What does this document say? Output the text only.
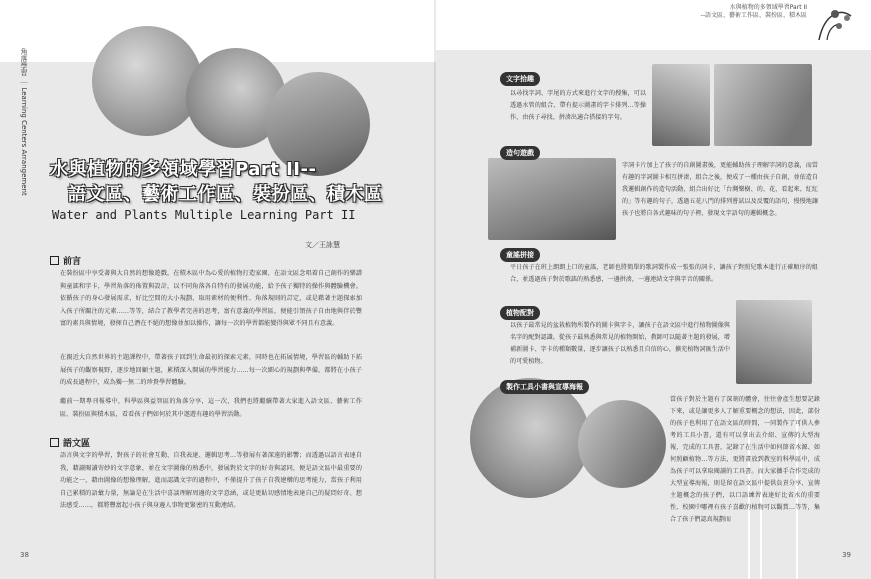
角落學習 ｜ Learning Centers Arrangement 水與植物的多領域學習Part II--
語文區、藝術工作區、裝扮區、積木區
Water and Plants Multiple Learning Part II
文／王詠慧
前言
在裝扮區中享受著與大自然的想像遊戲，在積木區中為心愛的植物打造家園，在語文區念唱着自己創作的樂譜與童謠和字卡，學習角落的佈置與設計，以不同角落各自特有的發展功能，給予孩子獨特的操作與體驗機會。依循孩子的身心發展需求，好比空間的大小規劃、取用素材的便利性、角落規則的訂定，或是藉著主題探索加入孩子所關注的元素……等等，結合了教學者完善的思考，富有意義的學習區，便能引領孩子自由地與伴於豐富的素具與情境，發揮自己潛在不絕的想像並加以操作，讓每一次的學習都能變得與眾不同且有意義。
在親近大自然世界的主題課程中，帶著孩子回到生命最初的探索元素，同時也在拓展情境，學習區的輔助下拓展孩子的觀察視野，逐步地回顧主題，累積深入開展的學習能力……每一次細心的規劃與準備，都將在小孩子的成長過程中，成為獨一無二的珍貴學習體驗。
繼前一期專刊報導中，科學區與益智區的角落分享，這一次，我們也將繼續帶著大家進入語文區、藝術工作區、裝扮區與積木區，看看孩子們如何於其中遨遊有趣的學習活動。
語文區
語言與文字的學習，對孩子的社會互動、自我表達、邏輯思考…等發展有著深遠的影響；而透過以語言表達自我，藉讀閱讀寄妙的文字意象，並在文字圖像的熟悉中，發展對於文字的好奇與認同，便是語文區中最重要的功能之一，藉由圖像的想像理解，進而認識文字的過程中，不僅提升了孩子自我建構的思考能力，當孩子利用自己累積的語彙力量，無論是在生活中喜談理解周邊的文字意涵，或是更貼切感情地表達自己的疑問好奇、想法感受……，都將豐富起小孩子與身邊人事物更緊密的互動連結。
38
水與植物的多領域學習Part II
--語文區、藝術工作區、裝扮區、積木區
文字拾趣
以尋找字詞、字尾的方式來進行文字的搜集，可以透過水管的組合、帶有提示圖畫的字卡排列…等操作，由孩子尋找、拼湊出適合搭接的字句。
造句遊戲
字詞卡片加上了孩子的自創圖畫後，更能輔助孩子理解字詞的意義，而當有趣的字詞圖卡相互拼湊，組合之後，便成了一種由孩子自創，並依造自我邏輯創作的造句活動，組合出好比「台灣樂樹、的、花、看起來、紅紅的」等有趣的句子，透過五花八門的排列嘗試以及反覆的語句，慢慢地讓孩子也將自各式趣味的句子裡，發現文字語句的邏輯概念。
童謠拼接
平日孩子在班上朗朗上口的童謠，老師也將簡單的歌詞製作成一張張的詞卡，讓孩子對照兒歌本進行正確順序的組合，並透過孩子對於歌謠的熟悉感，一邊拼湊，一邊連結文字與字音的關係。
植物配對
以孩子最常見的盆栽植物所製作的圖卡與字卡，讓孩子在語文區中進行植物圖像與名字的配對認識。從孩子最熟悉與常見的植物開始，教師可以隨著主題的發展，增補新圖卡、字卡的種類數量，逐步讓孩子以熟悉且自信的心，擴充植物詞匯生活中的可愛植物。
製作工具小書與宣導海報
當孩子對於主題有了深刻的體會，往往會產生想要記錄下來，或是讓更多人了解重要概念的想法，因此，部份的孩子也利用了在語文區的時間，一同製作了可供人參考的工具小書，還有可以拿出去介紹、宣傳的大型海報，完成的工具書，記錄了在生活中如何節省水源、如何照顧植物…等方法，更將畫放到教室的科學區中，成為孩子可以拿取閱讀的工具書。而大家攜手合作完成的大型宣導海報，則是留在語文區中提供負責分享、宣傳主題概念的孩子們，以口語練習表達好比省水的重要性、校園中哪裡有孩子喜歡的植物可以觀賞…等等，集合了孩子們認真規劃而
39
